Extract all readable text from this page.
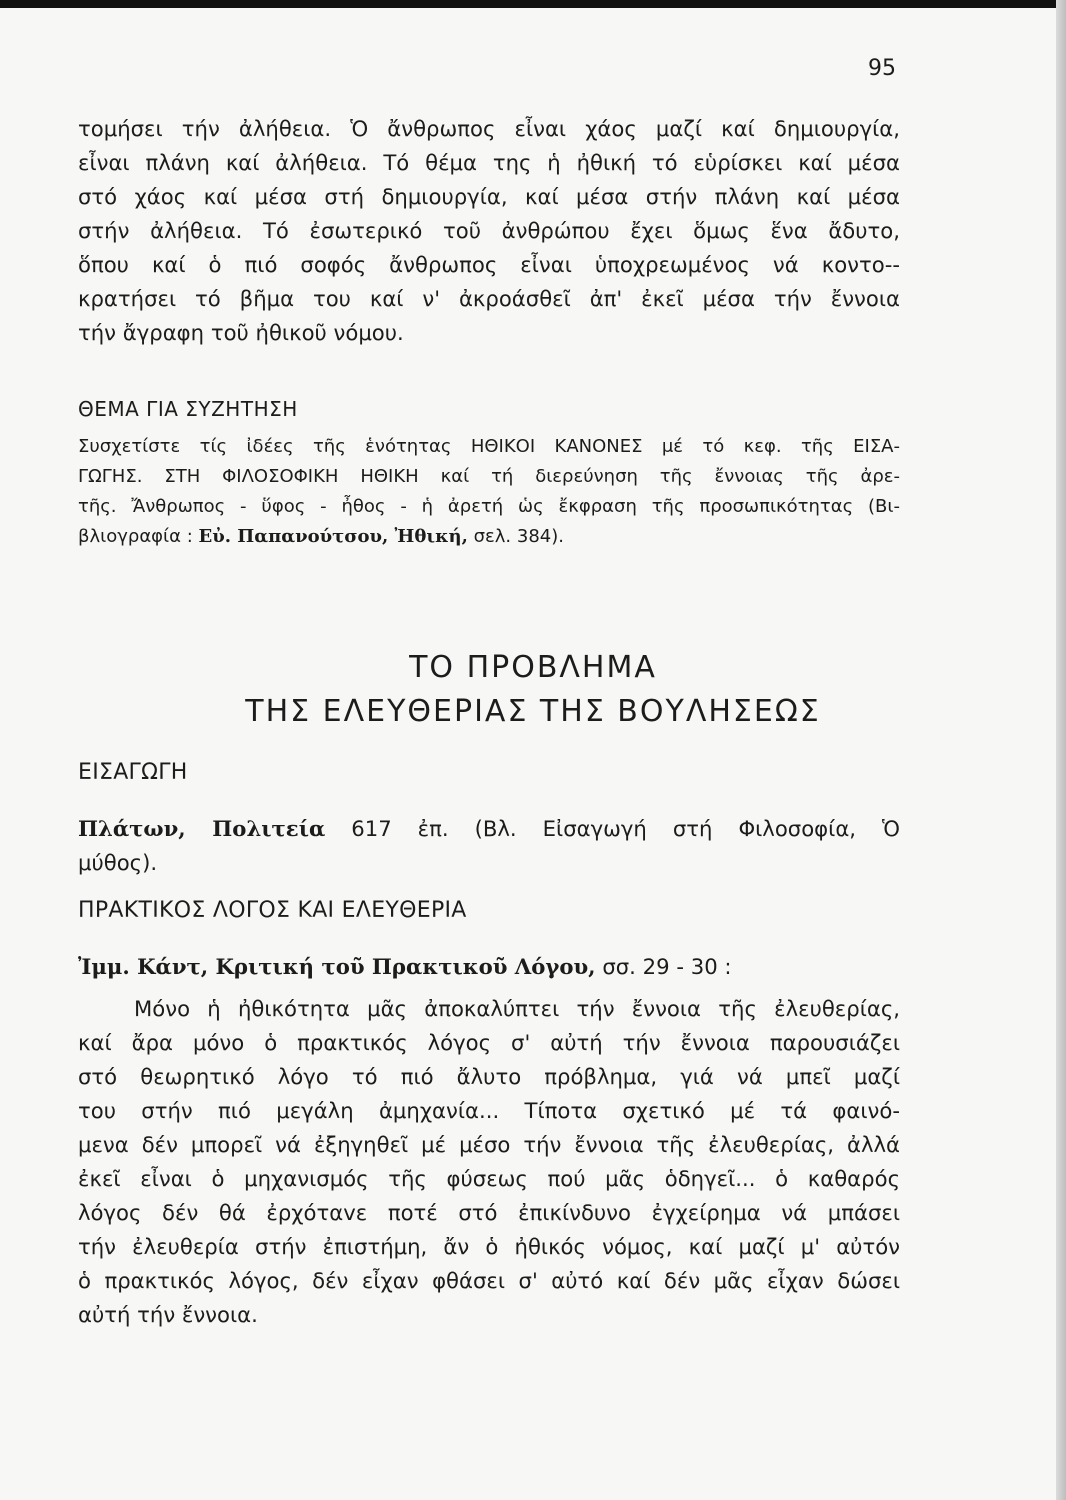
95
τομήσει τήν ἀλήθεια. Ὁ ἄνθρωπος εἶναι χάος μαζί καί δημιουργία,
εἶναι πλάνη καί ἀλήθεια. Τό θέμα της ἡ ἠθική τό εὑρίσκει καί μέσα
στό χάος καί μέσα στή δημιουργία, καί μέσα στήν πλάνη καί μέσα
στήν ἀλήθεια. Τό ἐσωτερικό τοῦ ἀνθρώπου ἔχει ὅμως ἕνα ἄδυτο,
ὅπου καί ὁ πιό σοφός ἄνθρωπος εἶναι ὑποχρεωμένος νά κοντο--
κρατήσει τό βῆμα του καί ν' ἀκροάσθεῖ ἀπ' ἐκεῖ μέσα τήν ἔννοια
τήν ἄγραφη τοῦ ἠθικοῦ νόμου.
ΘΕΜΑ ΓΙΑ ΣΥΖΗΤΗΣΗ
Συσχετίστε τίς ἰδέες τῆς ἑνότητας ΗΘΙΚΟΙ ΚΑΝΟΝΕΣ μέ τό κεφ. τῆς ΕΙΣΑ-
ΓΩΓΗΣ. ΣΤΗ ΦΙΛΟΣΟΦΙΚΗ ΗΘΙΚΗ καί τή διερεύνηση τῆς ἔννοιας τῆς ἀρε-
τῆς. Ἄνθρωπος - ὕφος - ἦθος - ἡ ἀρετή ὡς ἔκφραση τῆς προσωπικότητας (Βι-
βλιογραφία : Εὐ. Παπανούτσου, Ἠθική, σελ. 384).
ΤΟ ΠΡΟΒΛΗΜΑ
ΤΗΣ ΕΛΕΥΘΕΡΙΑΣ ΤΗΣ ΒΟΥΛΗΣΕΩΣ
ΕΙΣΑΓΩΓΗ
Πλάτων, Πολιτεία 617 ἐπ. (Βλ. Εἰσαγωγή στή Φιλοσοφία, Ὁ
μύθος).
ΠΡΑΚΤΙΚΟΣ ΛΟΓΟΣ ΚΑΙ ΕΛΕΥΘΕΡΙΑ
Ἰμμ. Κάντ, Κριτική τοῦ Πρακτικοῦ Λόγου, σσ. 29 - 30 :
Μόνο ἡ ἠθικότητα μᾶς ἀποκαλύπτει τήν ἔννοια τῆς ἐλευθερίας,
καί ἄρα μόνο ὁ πρακτικός λόγος σ' αὐτή τήν ἔννοια παρουσιάζει
στό θεωρητικό λόγο τό πιό ἄλυτο πρόβλημα, γιά νά μπεῖ μαζί
του στήν πιό μεγάλη ἀμηχανία... Τίποτα σχετικό μέ τά φαινό-
μενα δέν μπορεῖ νά ἐξηγηθεῖ μέ μέσο τήν ἔννοια τῆς ἐλευθερίας, ἀλλά
ἐκεῖ εἶναι ὁ μηχανισμός τῆς φύσεως πού μᾶς ὁδηγεῖ... ὁ καθαρός
λόγος δέν θά ἐρχόταvε ποτέ στό ἐπικίνδυνο ἐγχείρημα νά μπάσει
τήν ἐλευθερία στήν ἐπιστήμη, ἄν ὁ ἠθικός νόμος, καί μαζί μ' αὐτόν
ὁ πρακτικός λόγος, δέν εἶχαν φθάσει σ' αὐτό καί δέν μᾶς εἶχαν δώσει
αὐτή τήν ἔννοια.
